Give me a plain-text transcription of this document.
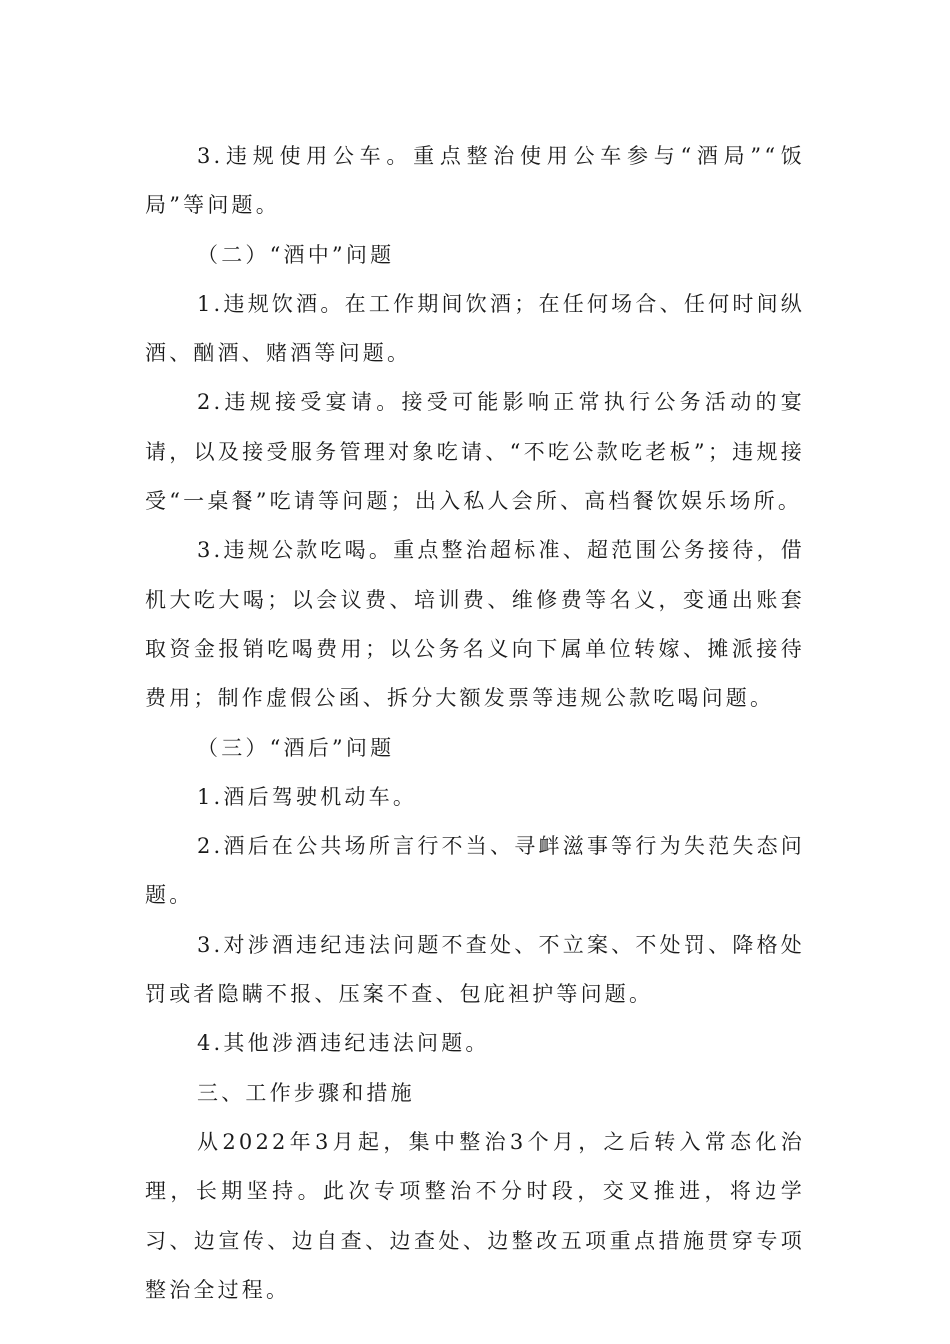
3.违规使用公车。重点整治使用公车参与“酒局”“饭局”等问题。

（二）“酒中”问题

1.违规饮酒。在工作期间饮酒；在任何场合、任何时间纵酒、酗酒、赌酒等问题。

2.违规接受宴请。接受可能影响正常执行公务活动的宴请，以及接受服务管理对象吃请、“不吃公款吃老板”；违规接受“一桌餐”吃请等问题；出入私人会所、高档餐饮娱乐场所。

3.违规公款吃喝。重点整治超标准、超范围公务接待，借机大吃大喝；以会议费、培训费、维修费等名义，变通出账套取资金报销吃喝费用；以公务名义向下属单位转嫁、摊派接待费用；制作虚假公函、拆分大额发票等违规公款吃喝问题。

（三）“酒后”问题

1.酒后驾驶机动车。

2.酒后在公共场所言行不当、寻衅滋事等行为失范失态问题。

3.对涉酒违纪违法问题不查处、不立案、不处罚、降格处罚或者隐瞒不报、压案不查、包庇袒护等问题。

4.其他涉酒违纪违法问题。

三、工作步骤和措施

从2022年3月起，集中整治3个月，之后转入常态化治理，长期坚持。此次专项整治不分时段，交叉推进，将边学习、边宣传、边自查、边查处、边整改五项重点措施贯穿专项整治全过程。
